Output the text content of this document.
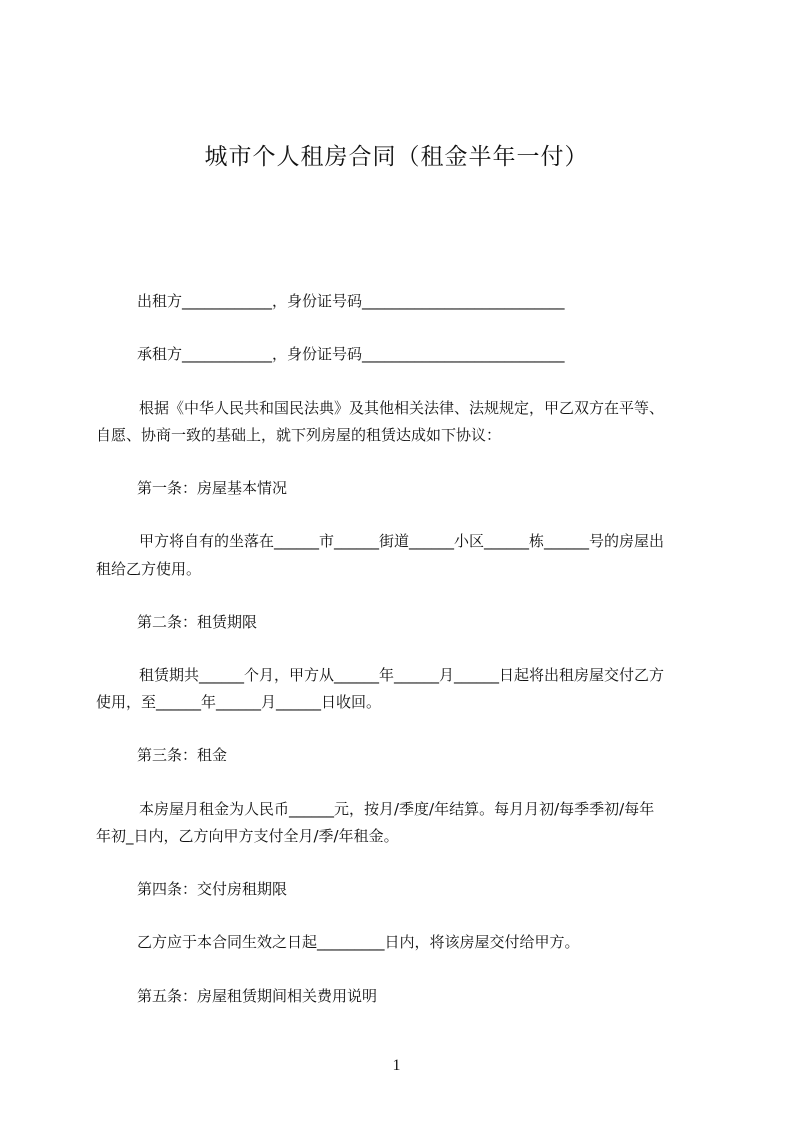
城市个人租房合同（租金半年一付）
出租方____________，身份证号码___________________________
承租方____________，身份证号码___________________________
根据《中华人民共和国民法典》及其他相关法律、法规规定，甲乙双方在平等、
自愿、协商一致的基础上，就下列房屋的租赁达成如下协议：
第一条：房屋基本情况
甲方将自有的坐落在______市______街道______小区______栋______号的房屋出
租给乙方使用。
第二条：租赁期限
租赁期共______个月，甲方从______年______月______日起将出租房屋交付乙方
使用，至______年______月______日收回。
第三条：租金
本房屋月租金为人民币______元，按月/季度/年结算。每月月初/每季季初/每年
年初_日内，乙方向甲方支付全月/季/年租金。
第四条：交付房租期限
乙方应于本合同生效之日起_________日内，将该房屋交付给甲方。
第五条：房屋租赁期间相关费用说明
1
